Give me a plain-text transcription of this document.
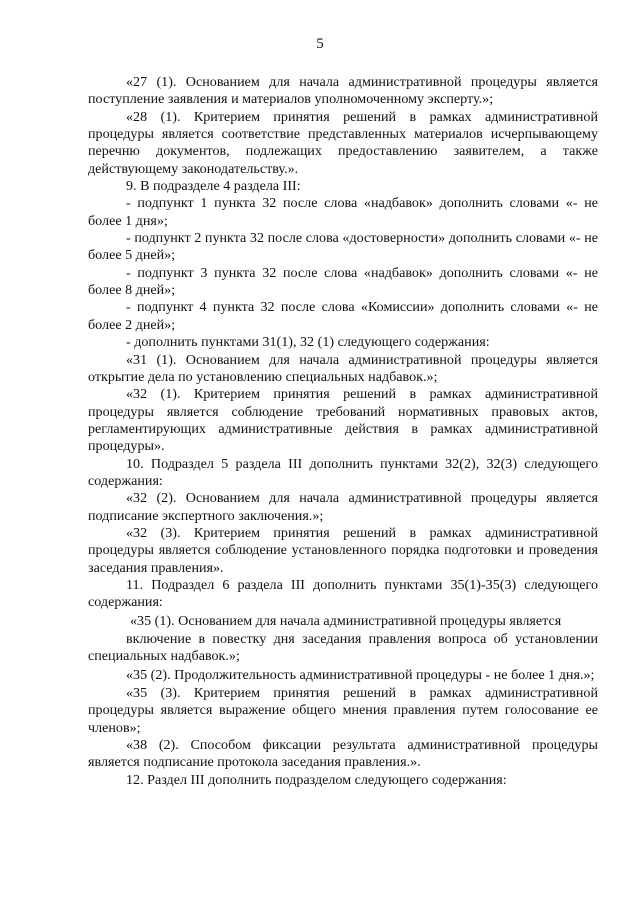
5

«27 (1). Основанием для начала административной процедуры является поступление заявления и материалов уполномоченному эксперту.»;

«28 (1). Критерием принятия решений в рамках административной процедуры является соответствие представленных материалов исчерпывающему перечню документов, подлежащих предоставлению заявителем, а также действующему законодательству.».

9. В подразделе 4 раздела III:

- подпункт 1 пункта 32 после слова «надбавок» дополнить словами «- не более 1 дня»;

- подпункт 2 пункта 32 после слова «достоверности» дополнить словами «- не более 5 дней»;

- подпункт 3 пункта 32 после слова «надбавок» дополнить словами «- не более 8 дней»;

- подпункт 4 пункта 32 после слова «Комиссии» дополнить словами «- не более 2 дней»;

- дополнить пунктами 31(1), 32 (1) следующего содержания:

«31 (1). Основанием для начала административной процедуры является открытие дела по установлению специальных надбавок.»;

«32 (1). Критерием принятия решений в рамках административной процедуры является соблюдение требований нормативных правовых актов, регламентирующих административные действия в рамках административной процедуры».

10. Подраздел 5 раздела III дополнить пунктами 32(2), 32(3) следующего содержания:

«32 (2). Основанием для начала административной процедуры является подписание экспертного заключения.»;

«32 (3). Критерием принятия решений в рамках административной процедуры является соблюдение установленного порядка подготовки и проведения заседания правления».

11. Подраздел 6 раздела III дополнить пунктами 35(1)-35(3) следующего содержания:

«35 (1). Основанием для начала административной процедуры является

включение в повестку дня заседания правления вопроса об установлении специальных надбавок.»;

«35 (2). Продолжительность административной процедуры - не более 1 дня.»;

«35 (3). Критерием принятия решений в рамках административной процедуры является выражение общего мнения правления путем голосование ее членов»;

«38 (2). Способом фиксации результата административной процедуры является подписание протокола заседания правления.».

12. Раздел III дополнить подразделом следующего содержания:
